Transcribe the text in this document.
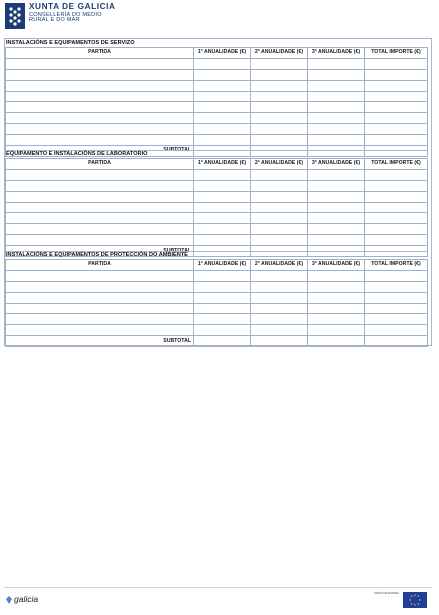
XUNTA DE GALICIA
CONSELLERÍA DO MEDIO RURAL E DO MAR
INSTALACIÓNS E EQUIPAMENTOS DE SERVIZO
PARTIDA	1ª ANUALIDADE (€)	2ª ANUALIDADE (€)	3ª ANUALIDADE (€)	TOTAL IMPORTE (€)

SUBTOTAL				
EQUIPAMENTO E INSTALACIÓNS DE LABORATORIO
PARTIDA	1ª ANUALIDADE (€)	2ª ANUALIDADE (€)	3ª ANUALIDADE (€)	TOTAL IMPORTE (€)

SUBTOTAL				
INSTALACIÓNS E EQUIPAMENTOS DE PROTECCIÓN DO AMBIENTE
PARTIDA	1ª ANUALIDADE (€)	2ª ANUALIDADE (€)	3ª ANUALIDADE (€)	TOTAL IMPORTE (€)

SUBTOTAL				
galicia
UNIÓN EUROPEA
